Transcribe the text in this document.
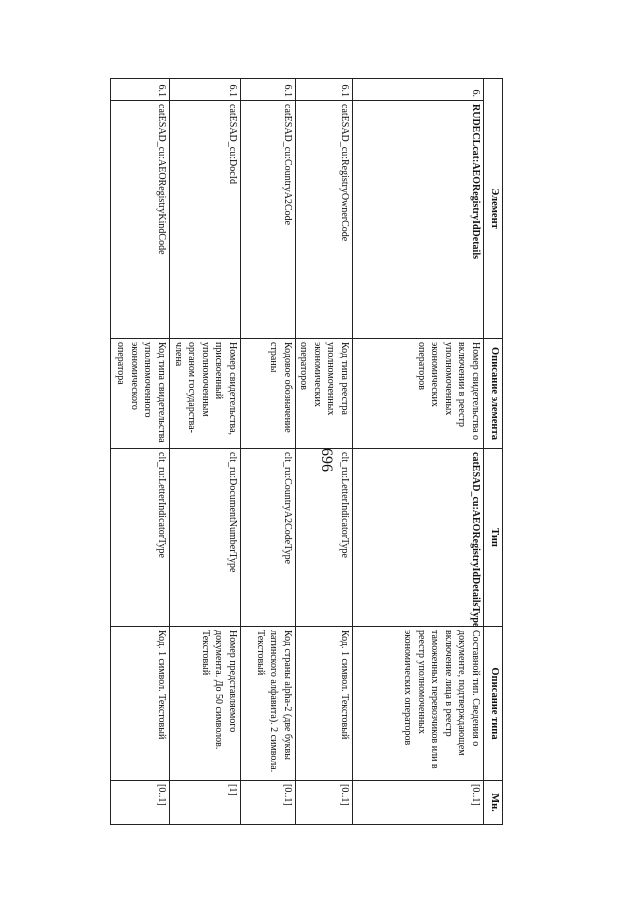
696
Элемент		Описание элемента	Тип	Описание типа	Мн.
6.	RUDECLcat:AEORegistryIdDetails	Номер свидетельства о включении в реестр уполномоченных экономических операторов	catESAD_cu:AEORegistryIdDetailsType	Составной тип. Сведения о документе, подтверждающем включение лица в реестр таможенных перевозчиков или в реестр уполномоченных экономических операторов	[0..1]
6.1	catESAD_cu:RegistryOwnerCode	Код типа реестра уполномоченных экономических операторов	clt_ru:LetterIndicatorType	Код. 1 символ. Текстовый	[0..1]
6.1	catESAD_cu:CountryA2Code	Кодовое обозначение страны	clt_ru:CountryA2CodeType	Код страны alpha-2 (две буквы латинского алфавита). 2 символа. Текстовый	[0..1]
6.1	catESAD_cu:DocId	Номер свидетельства, присвоенный уполномоченным органом государства-члена	clt_ru:DocumentNumberType	Номер представляемого документа. До 50 символов. Текстовый	[1]
6.1	catESAD_cu:AEORegistryKindCode	Код типа свидетельства уполномоченного экономического оператора	clt_ru:LetterIndicatorType	Код. 1 символ. Текстовый	[0..1]
